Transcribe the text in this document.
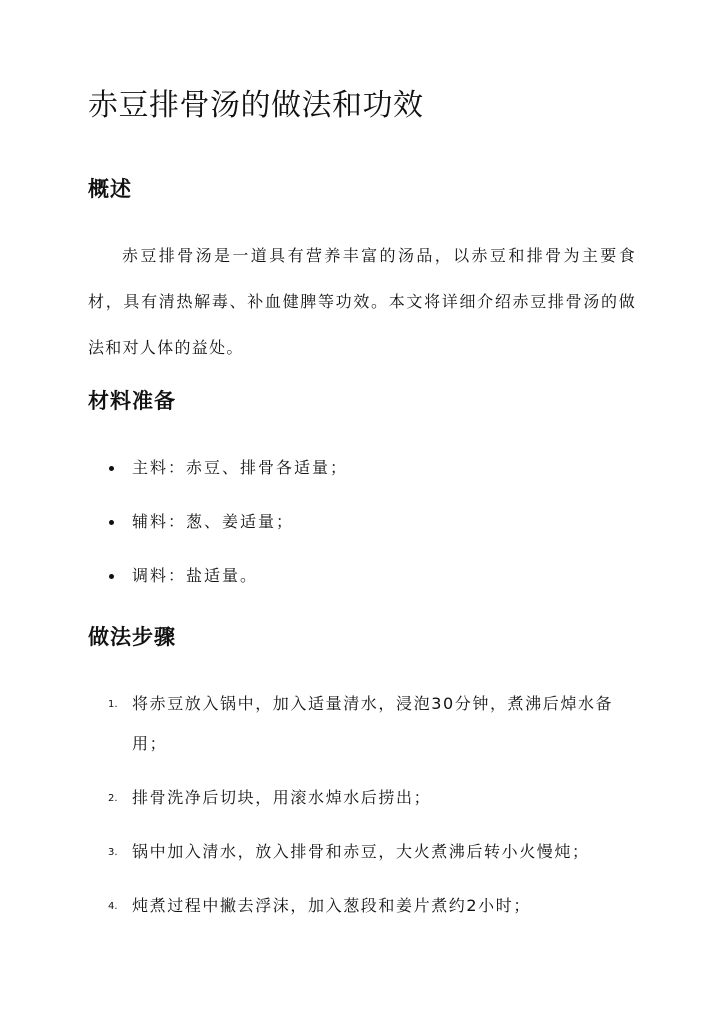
赤豆排骨汤的做法和功效
概述

赤豆排骨汤是一道具有营养丰富的汤品，以赤豆和排骨为主要食材，具有清热解毒、补血健脾等功效。本文将详细介绍赤豆排骨汤的做法和对人体的益处。

材料准备
主料：赤豆、排骨各适量；
辅料：葱、姜适量；
调料：盐适量。
做法步骤
1. 将赤豆放入锅中，加入适量清水，浸泡30分钟，煮沸后焯水备用；
2. 排骨洗净后切块，用滚水焯水后捞出；
3. 锅中加入清水，放入排骨和赤豆，大火煮沸后转小火慢炖；
4. 炖煮过程中撇去浮沫，加入葱段和姜片煮约2小时；
